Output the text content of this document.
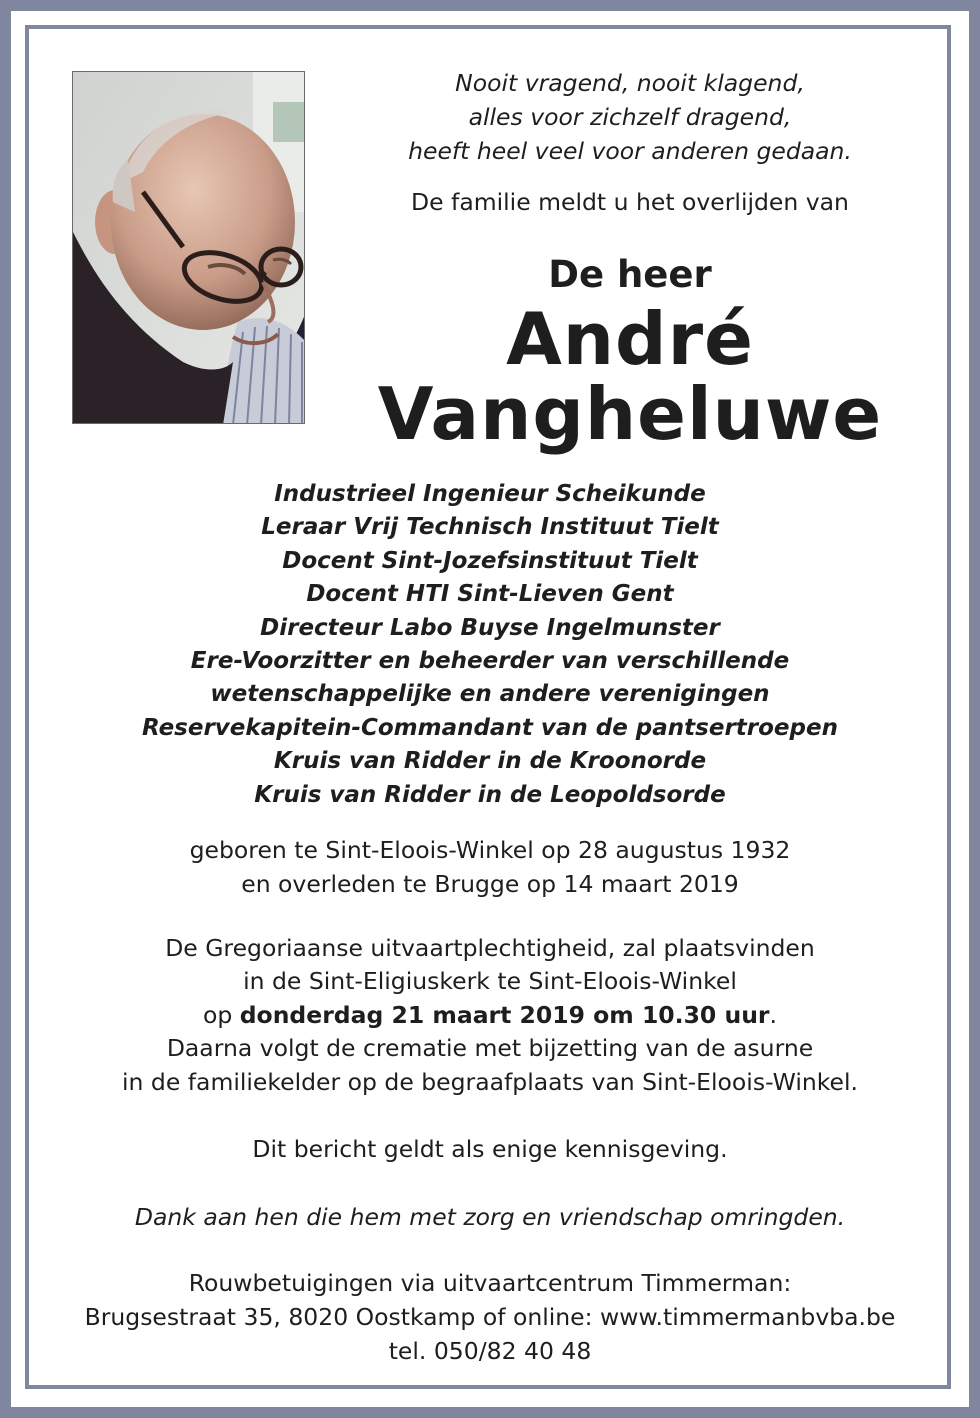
Nooit vragend, nooit klagend,
alles voor zichzelf dragend,
heeft heel veel voor anderen gedaan.
De familie meldt u het overlijden van
De heer
André
Vangheluwe
Industrieel Ingenieur Scheikunde
Leraar Vrij Technisch Instituut Tielt
Docent Sint-Jozefsinstituut Tielt
Docent HTI Sint-Lieven Gent
Directeur Labo Buyse Ingelmunster
Ere-Voorzitter en beheerder van verschillende
wetenschappelijke en andere verenigingen
Reservekapitein-Commandant van de pantsertroepen
Kruis van Ridder in de Kroonorde
Kruis van Ridder in de Leopoldsorde
geboren te Sint-Eloois-Winkel op 28 augustus 1932
en overleden te Brugge op 14 maart 2019
De Gregoriaanse uitvaartplechtigheid, zal plaatsvinden
in de Sint-Eligiuskerk te Sint-Eloois-Winkel
op donderdag 21 maart 2019 om 10.30 uur.
Daarna volgt de crematie met bijzetting van de asurne
in de familiekelder op de begraafplaats van Sint-Eloois-Winkel.
Dit bericht geldt als enige kennisgeving.
Dank aan hen die hem met zorg en vriendschap omringden.
Rouwbetuigingen via uitvaartcentrum Timmerman:
Brugsestraat 35, 8020 Oostkamp of online: www.timmermanbvba.be
tel. 050/82 40 48
